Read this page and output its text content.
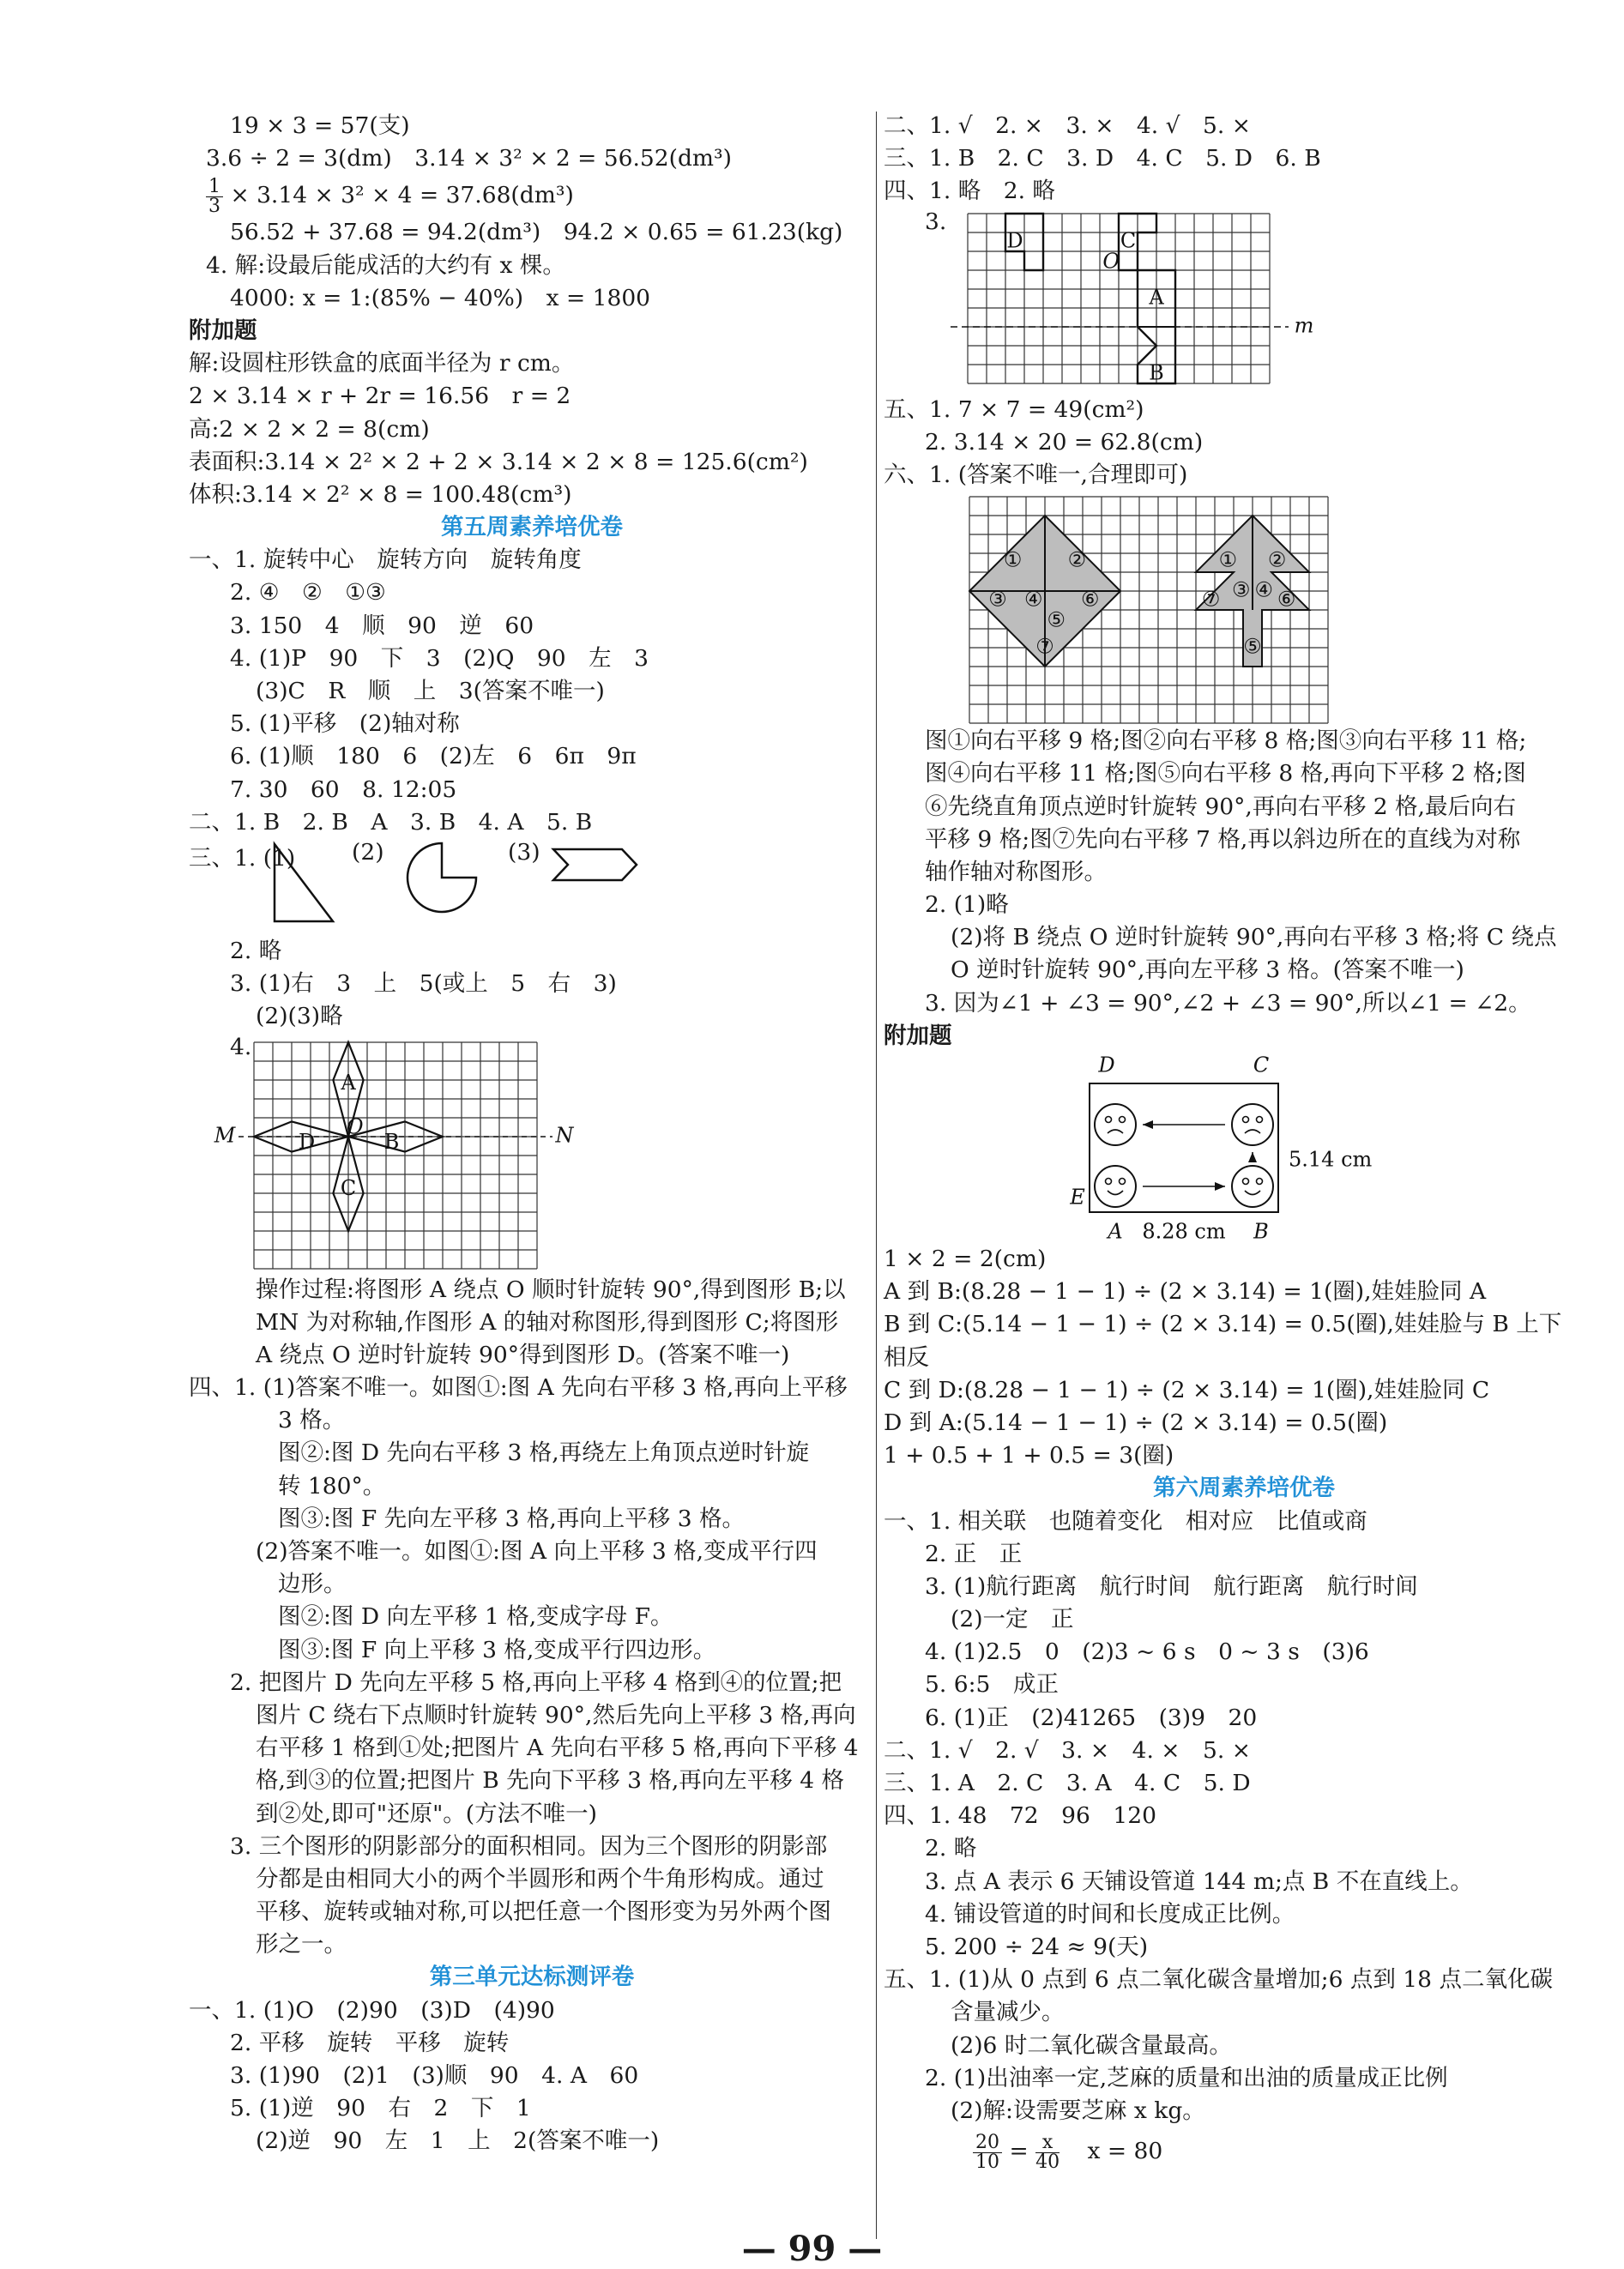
19 × 3 = 57(支)
3.6 ÷ 2 = 3(dm)　3.14 × 3² × 2 = 56.52(dm³)
$\frac{1}{3} \times 3.14 \times 3^2 \times 4 = 37.68(dm^3)$
56.52 + 37.68 = 94.2(dm³)　94.2 × 0.65 = 61.23(kg)
4. 解:设最后能成活的大约有 x 棵。
4000: x = 1:(85% − 40%)　x = 1800
附加题
解:设圆柱形铁盒的底面半径为 r cm。
2 × 3.14 × r + 2r = 16.56　r = 2
高:2 × 2 × 2 = 8(cm)
表面积:3.14 × 2² × 2 + 2 × 3.14 × 2 × 8 = 125.6(cm²)
体积:3.14 × 2² × 8 = 100.48(cm³)
第五周素养培优卷
一、1. 旋转中心　旋转方向　旋转角度
2. ④　②　①③
3. 150　4　顺　90　逆　60
4. (1)P　90　下　3　(2)Q　90　左　3
(3)C　R　顺　上　3(答案不唯一)
5. (1)平移　(2)轴对称
6. (1)顺　180　6　(2)左　6　6π　9π
7. 30　60　8. 12:05
二、1. B　2. B　A　3. B　4. A　5. B
三、1. (1) (2)	(3)
2. 略
3. (1)右　3　上　5(或上　5　右　3)
(2)(3)略
4.
A
B
C
D
O
M	N
操作过程:将图形 A 绕点 O 顺时针旋转 90°,得到图形 B;以
MN 为对称轴,作图形 A 的轴对称图形,得到图形 C;将图形
A 绕点 O 逆时针旋转 90°得到图形 D。(答案不唯一)
四、1. (1)答案不唯一。如图①:图 A 先向右平移 3 格,再向上平移
3 格。
图②:图 D 先向右平移 3 格,再绕左上角顶点逆时针旋
转 180°。
图③:图 F 先向左平移 3 格,再向上平移 3 格。
(2)答案不唯一。如图①:图 A 向上平移 3 格,变成平行四
边形。
图②:图 D 向左平移 1 格,变成字母 F。
图③:图 F 向上平移 3 格,变成平行四边形。
2. 把图片 D 先向左平移 5 格,再向上平移 4 格到④的位置;把
图片 C 绕右下点顺时针旋转 90°,然后先向上平移 3 格,再向
右平移 1 格到①处;把图片 A 先向右平移 5 格,再向下平移 4
格,到③的位置;把图片 B 先向下平移 3 格,再向左平移 4 格
到②处,即可"还原"。(方法不唯一)
3. 三个图形的阴影部分的面积相同。因为三个图形的阴影部
分都是由相同大小的两个半圆形和两个牛角形构成。通过
平移、旋转或轴对称,可以把任意一个图形变为另外两个图
形之一。
第三单元达标测评卷
一、1. (1)O　(2)90　(3)D　(4)90
2. 平移　旋转　平移　旋转
3. (1)90　(2)1　(3)顺　90　4. A　60
5. (1)逆　90　右　2　下　1
(2)逆　90　左　1　上　2(答案不唯一)
二、1. √　2. ×　3. ×　4. √　5. ×
三、1. B　2. C　3. D　4. C　5. D　6. B
四、1. 略　2. 略
3.
D	C
O
A
B
m
五、1. 7 × 7 = 49(cm²)
2. 3.14 × 20 = 62.8(cm)
六、1. (答案不唯一,合理即可)
① ②
③ ④
⑤
⑥
⑦
① ②
③ ④
⑤
⑥
⑦
图①向右平移 9 格;图②向右平移 8 格;图③向右平移 11 格;
图④向右平移 11 格;图⑤向右平移 8 格,再向下平移 2 格;图
⑥先绕直角顶点逆时针旋转 90°,再向右平移 2 格,最后向右
平移 9 格;图⑦先向右平移 7 格,再以斜边所在的直线为对称
轴作轴对称图形。
2. (1)略
(2)将 B 绕点 O 逆时针旋转 90°,再向右平移 3 格;将 C 绕点
O 逆时针旋转 90°,再向左平移 3 格。(答案不唯一)
3. 因为∠1 + ∠3 = 90°,∠2 + ∠3 = 90°,所以∠1 = ∠2。
附加题
D	C
E
A	B
5.14 cm
8.28 cm
1 × 2 = 2(cm)
A 到 B:(8.28 − 1 − 1) ÷ (2 × 3.14) = 1(圈),娃娃脸同 A
B 到 C:(5.14 − 1 − 1) ÷ (2 × 3.14) = 0.5(圈),娃娃脸与 B 上下
相反
C 到 D:(8.28 − 1 − 1) ÷ (2 × 3.14) = 1(圈),娃娃脸同 C
D 到 A:(5.14 − 1 − 1) ÷ (2 × 3.14) = 0.5(圈)
1 + 0.5 + 1 + 0.5 = 3(圈)
第六周素养培优卷
一、1. 相关联　也随着变化　相对应　比值或商
2. 正　正
3. (1)航行距离　航行时间　航行距离　航行时间
(2)一定　正
4. (1)2.5　0　(2)3 ~ 6 s　0 ~ 3 s　(3)6
5. 6:5　成正
6. (1)正　(2)41265　(3)9　20
二、1. √　2. √　3. ×　4. ×　5. ×
三、1. A　2. C　3. A　4. C　5. D
四、1. 48　72　96　120
2. 略
3. 点 A 表示 6 天铺设管道 144 m;点 B 不在直线上。
4. 铺设管道的时间和长度成正比例。
5. 200 ÷ 24 ≈ 9(天)
五、1. (1)从 0 点到 6 点二氧化碳含量增加;6 点到 18 点二氧化碳
含量减少。
(2)6 时二氧化碳含量最高。
2. (1)出油率一定,芝麻的质量和出油的质量成正比例
(2)解:设需要芝麻 x kg。
$\frac{20}{10} = \frac{x}{40}$ x = 80
— 99 —
